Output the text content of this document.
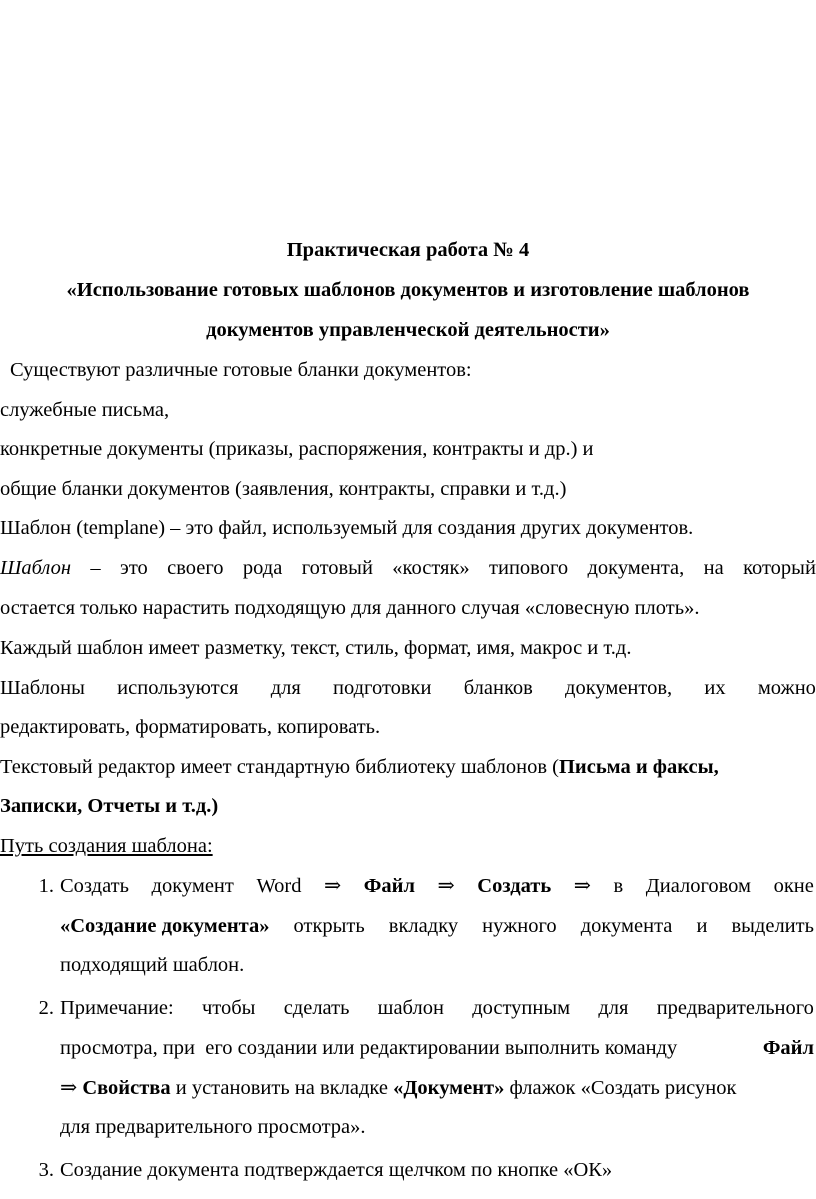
Практическая работа № 4
«Использование готовых шаблонов документов и изготовление шаблонов
документов управленческой деятельности»
Существуют различные готовые бланки документов:
служебные письма,
конкретные документы (приказы, распоряжения, контракты и др.) и
общие бланки документов (заявления, контракты, справки и т.д.)
Шаблон (templane) – это файл, используемый для создания других документов.
Шаблон – это своего рода готовый «костяк» типового документа, на который
остается только нарастить подходящую для данного случая «словесную плоть».
Каждый шаблон имеет разметку, текст, стиль, формат, имя, макрос и т.д.
Шаблоны используются для подготовки бланков документов, их можно
редактировать, форматировать, копировать.
Текстовый редактор имеет стандартную библиотеку шаблонов (Письма и факсы,
Записки, Отчеты и т.д.)
Путь создания шаблона:
1. Создать документ Word ⇒ Файл ⇒ Создать ⇒ в Диалоговом окне
«Создание документа» открыть вкладку нужного документа и выделить
подходящий шаблон.
2. Примечание: чтобы сделать шаблон доступным для предварительного
просмотра, при  его создании или редактировании выполнить команду	Файл
⇒ Свойства и установить на вкладке «Документ» флажок «Создать рисунок
для предварительного просмотра».
3. Создание документа подтверждается щелчком по кнопке «ОК»
